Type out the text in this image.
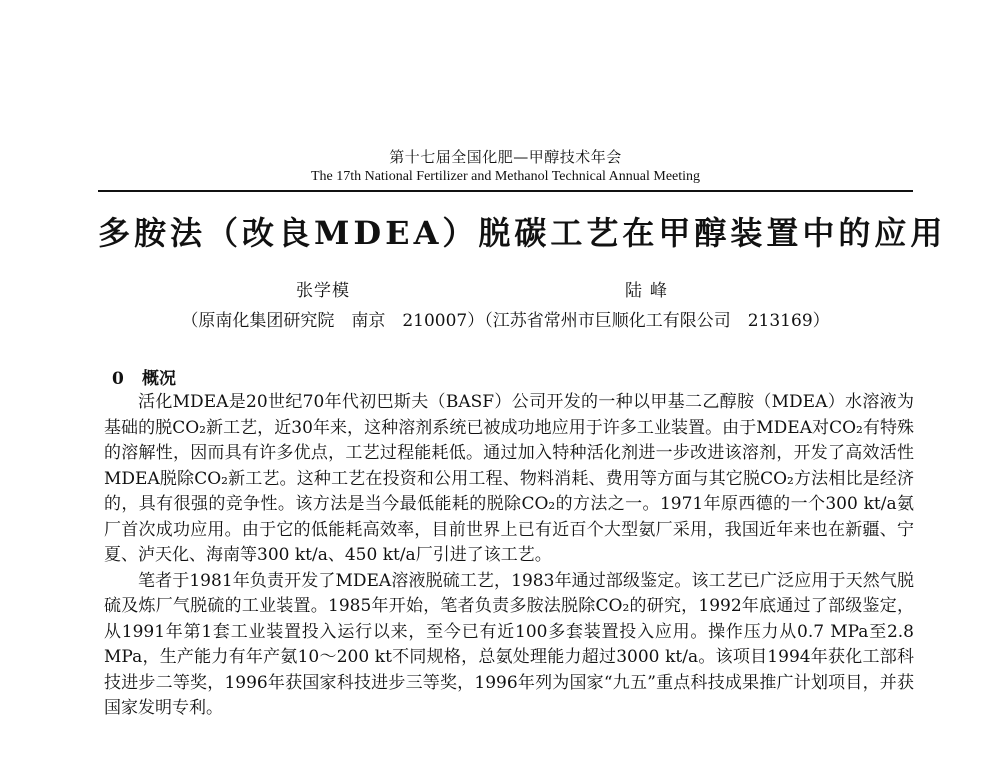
第十七届全国化肥—甲醇技术年会
The 17th National Fertilizer and Methanol Technical Annual Meeting
多胺法（改良MDEA）脱碳工艺在甲醇装置中的应用
张学模	陆峰
（原南化集团研究院　南京　210007）（江苏省常州市巨顺化工有限公司　213169）
0 概况

活化MDEA是20世纪70年代初巴斯夫（BASF）公司开发的一种以甲基二乙醇胺（MDEA）水溶液为基础的脱CO₂新工艺，近30年来，这种溶剂系统已被成功地应用于许多工业装置。由于MDEA对CO₂有特殊的溶解性，因而具有许多优点，工艺过程能耗低。通过加入特种活化剂进一步改进该溶剂，开发了高效活性MDEA脱除CO₂新工艺。这种工艺在投资和公用工程、物料消耗、费用等方面与其它脱CO₂方法相比是经济的，具有很强的竞争性。该方法是当今最低能耗的脱除CO₂的方法之一。1971年原西德的一个300 kt/a氨厂首次成功应用。由于它的低能耗高效率，目前世界上已有近百个大型氨厂采用，我国近年来也在新疆、宁夏、泸天化、海南等300 kt/a、450 kt/a厂引进了该工艺。

笔者于1981年负责开发了MDEA溶液脱硫工艺，1983年通过部级鉴定。该工艺已广泛应用于天然气脱硫及炼厂气脱硫的工业装置。1985年开始，笔者负责多胺法脱除CO₂的研究，1992年底通过了部级鉴定，从1991年第1套工业装置投入运行以来，至今已有近100多套装置投入应用。操作压力从0.7 MPa至2.8 MPa，生产能力有年产氨10～200 kt不同规格，总氨处理能力超过3000 kt/a。该项目1994年获化工部科技进步二等奖，1996年获国家科技进步三等奖，1996年列为国家“九五”重点科技成果推广计划项目，并获国家发明专利。
